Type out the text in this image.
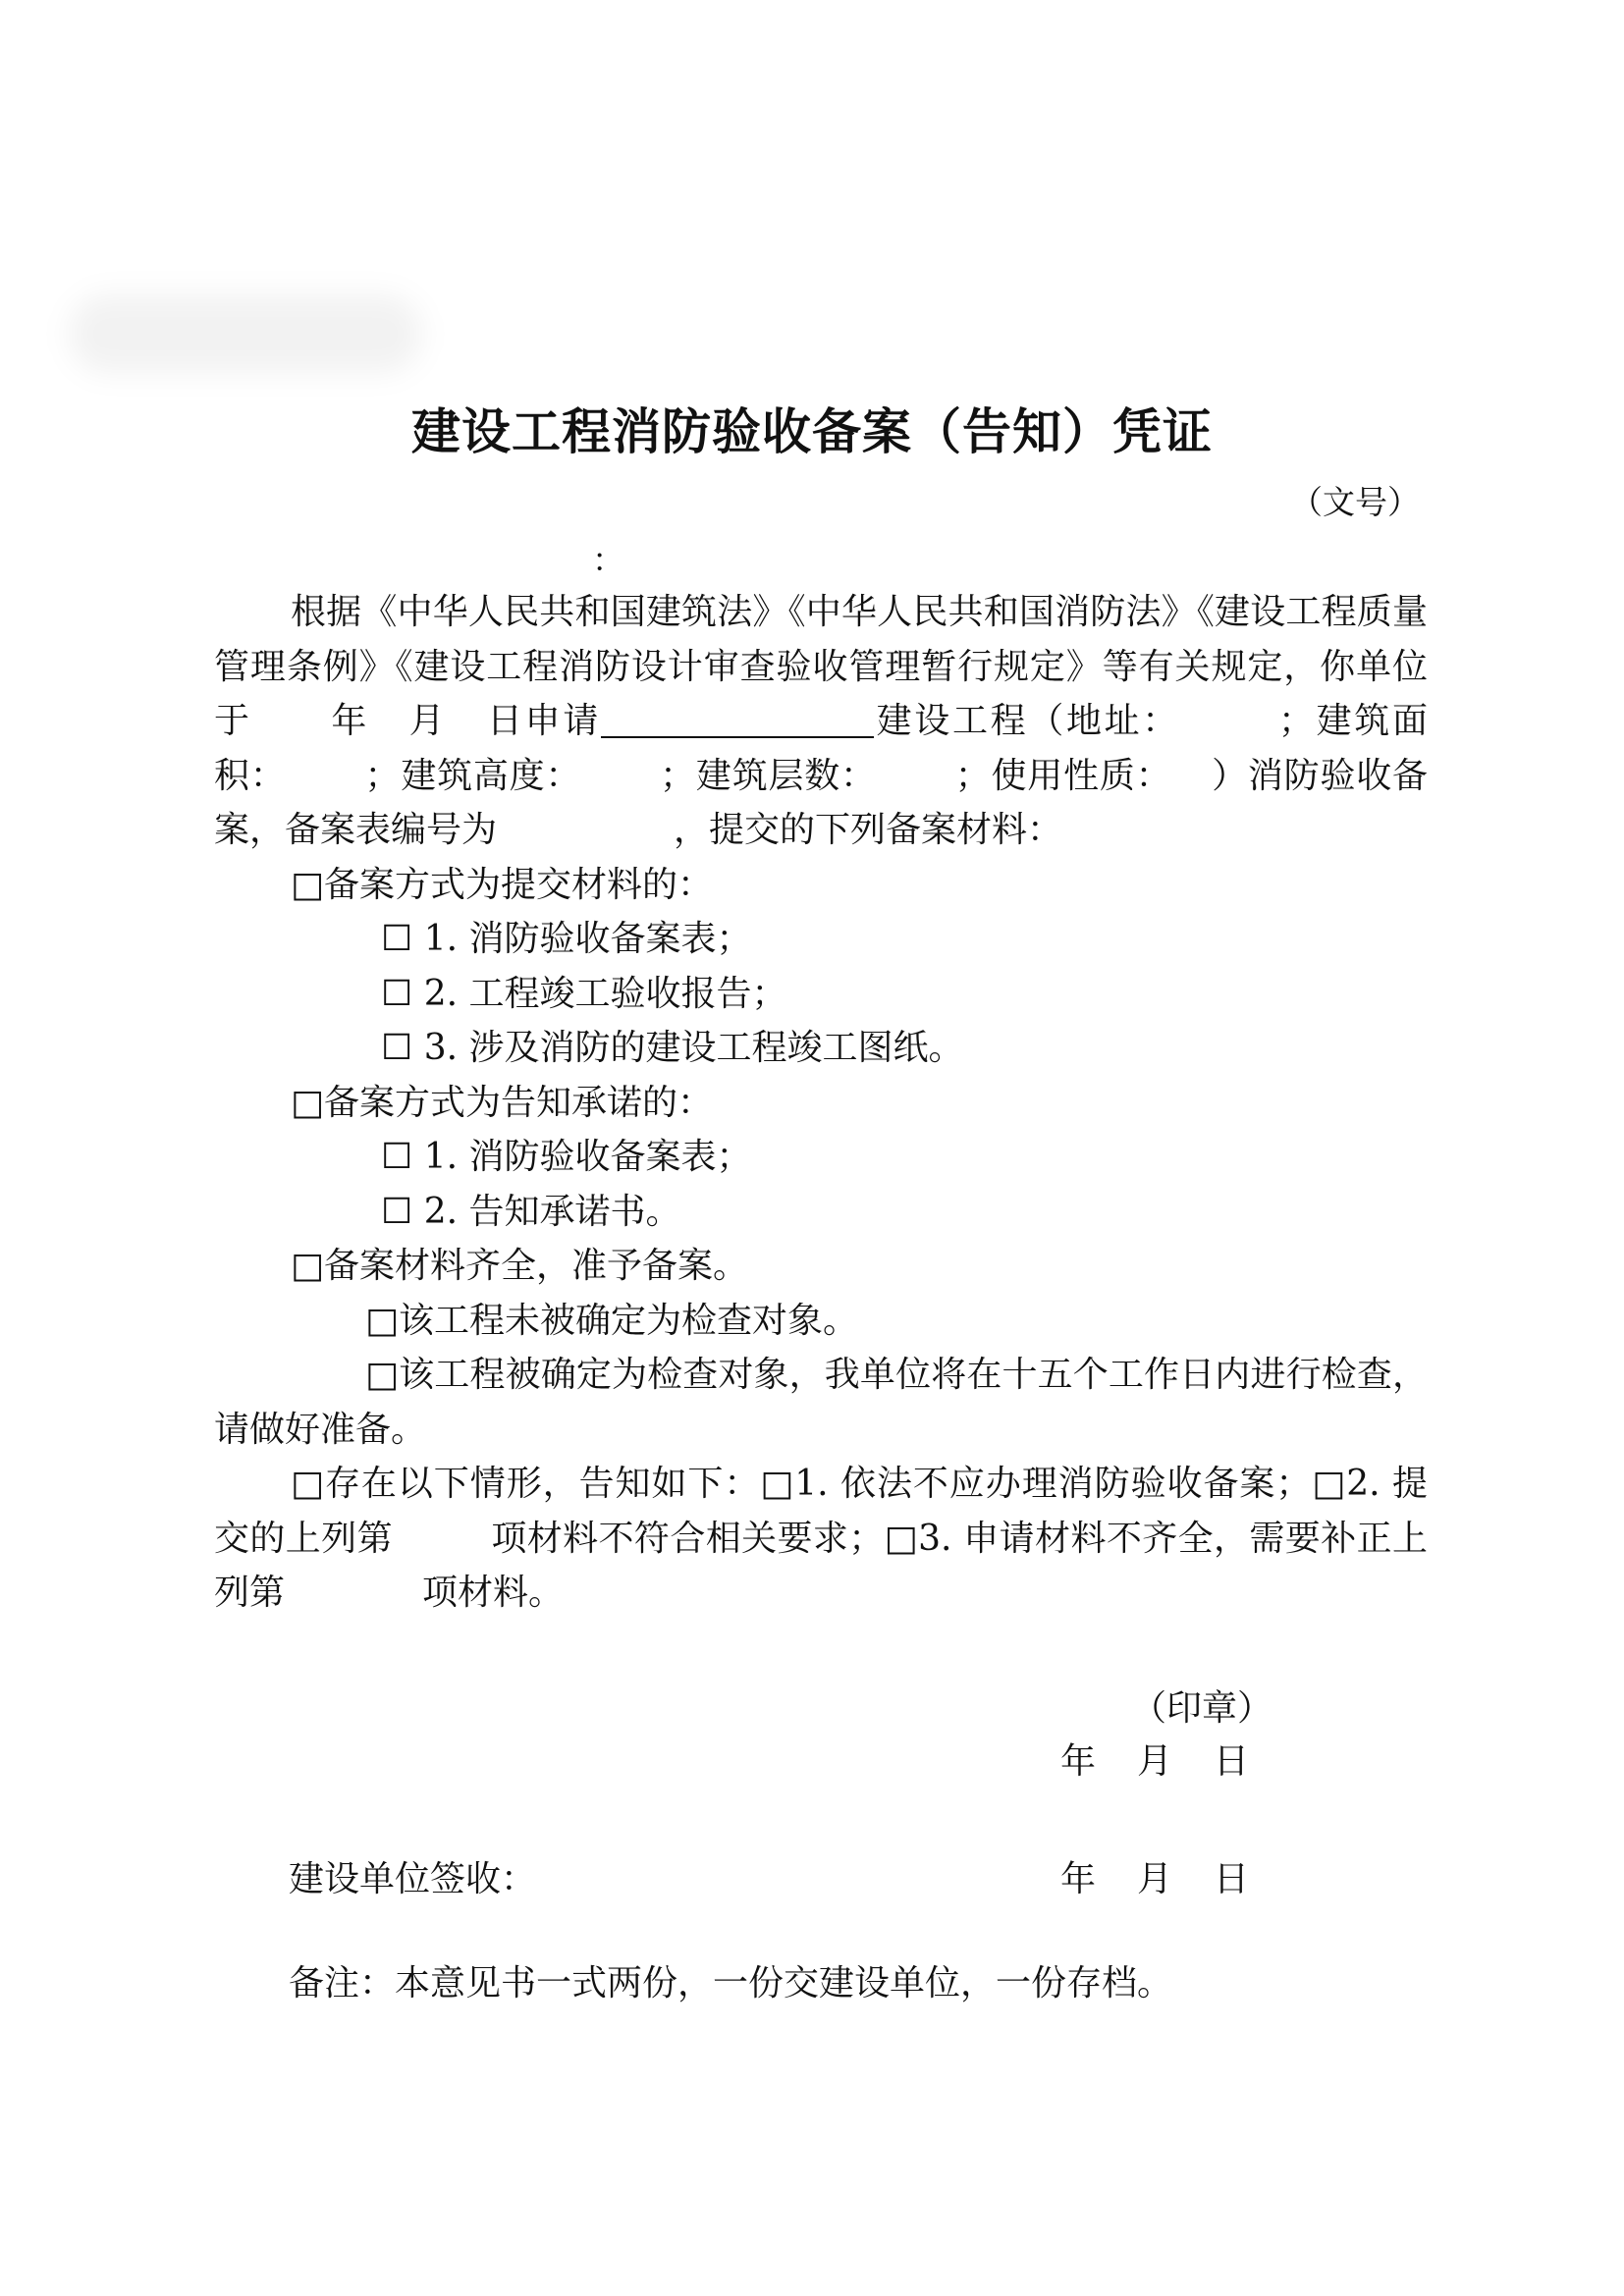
建设工程消防验收备案（告知）凭证
（文号）
：
根据《中华人民共和国建筑法》《中华人民共和国消防法》《建设工程质量管理条例》《建设工程消防设计审查验收管理暂行规定》等有关规定，你单位于 年 月 日申请	建设工程（地址：	；建筑面积： ；建筑高度： ；建筑层数： ；使用性质： ）消防验收备案，备案表编号为	，提交的下列备案材料：
□备案方式为提交材料的：
☐ 1. 消防验收备案表；
☐ 2. 工程竣工验收报告；
☐ 3. 涉及消防的建设工程竣工图纸。
□备案方式为告知承诺的：
☐ 1. 消防验收备案表；
☐ 2. 告知承诺书。
□备案材料齐全，准予备案。
□该工程未被确定为检查对象。
□该工程被确定为检查对象，我单位将在十五个工作日内进行检查，请做好准备。
□存在以下情形，告知如下：□1. 依法不应办理消防验收备案；□2. 提交的上列第	项材料不符合相关要求；□3. 申请材料不齐全，需要补正上列第	项材料。
（印章）
年 月 日
建设单位签收：	年 月 日
备注：本意见书一式两份，一份交建设单位，一份存档。
